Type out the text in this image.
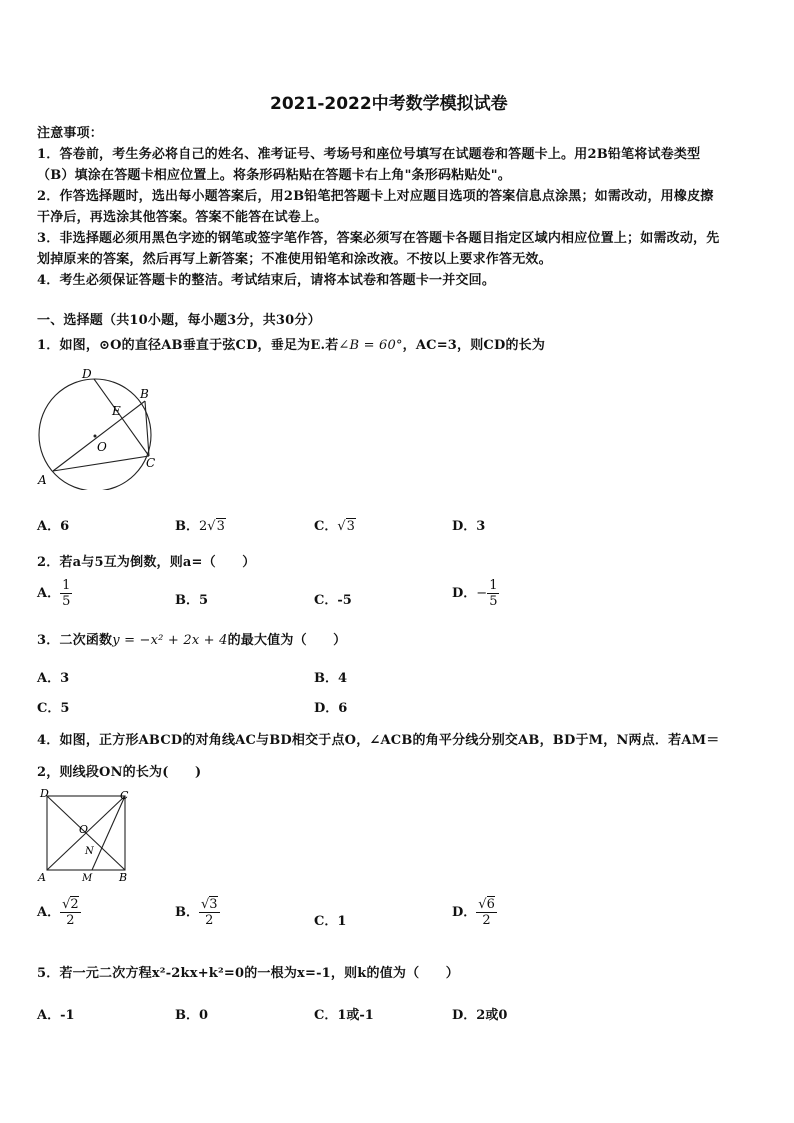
2021-2022中考数学模拟试卷
注意事项：
1．答卷前，考生务必将自己的姓名、准考证号、考场号和座位号填写在试题卷和答题卡上。用2B铅笔将试卷类型
（B）填涂在答题卡相应位置上。将条形码粘贴在答题卡右上角"条形码粘贴处"。
2．作答选择题时，选出每小题答案后，用2B铅笔把答题卡上对应题目选项的答案信息点涂黑；如需改动，用橡皮擦
干净后，再选涂其他答案。答案不能答在试卷上。
3．非选择题必须用黑色字迹的钢笔或签字笔作答，答案必须写在答题卡各题目指定区域内相应位置上；如需改动，先
划掉原来的答案，然后再写上新答案；不准使用铅笔和涂改液。不按以上要求作答无效。
4．考生必须保证答题卡的整洁。考试结束后，请将本试卷和答题卡一并交回。
一、选择题（共10小题，每小题3分，共30分）
1．如图，⊙O的直径AB垂直于弦CD，垂足为E.若∠B = 60°，AC=3，则CD的长为
D
B
E
O
A
C
A．6	B．2√3	C．√3	D．3
2．若a与5互为倒数，则a=（　　）
A． $\frac{1}{5}$	B．5	C．-5	D．− $\frac{1}{5}$
3．二次函数y = −x² + 2x + 4的最大值为（　　）
A．3	B．4
C．5	D．6
4．如图，正方形ABCD的对角线AC与BD相交于点O，∠ACB的角平分线分别交AB，BD于M，N两点．若AM＝
2，则线段ON的长为(　　)
D	C
O
N
A	M B
A． $\frac{√2}{2}$	B． $\frac{√3}{2}$	C．1
D． $\frac{√6}{2}$
5．若一元二次方程x²-2kx+k²=0的一根为x=-1，则k的值为（　　）
A．-1	B．0	C．1或-1	D．2或0
